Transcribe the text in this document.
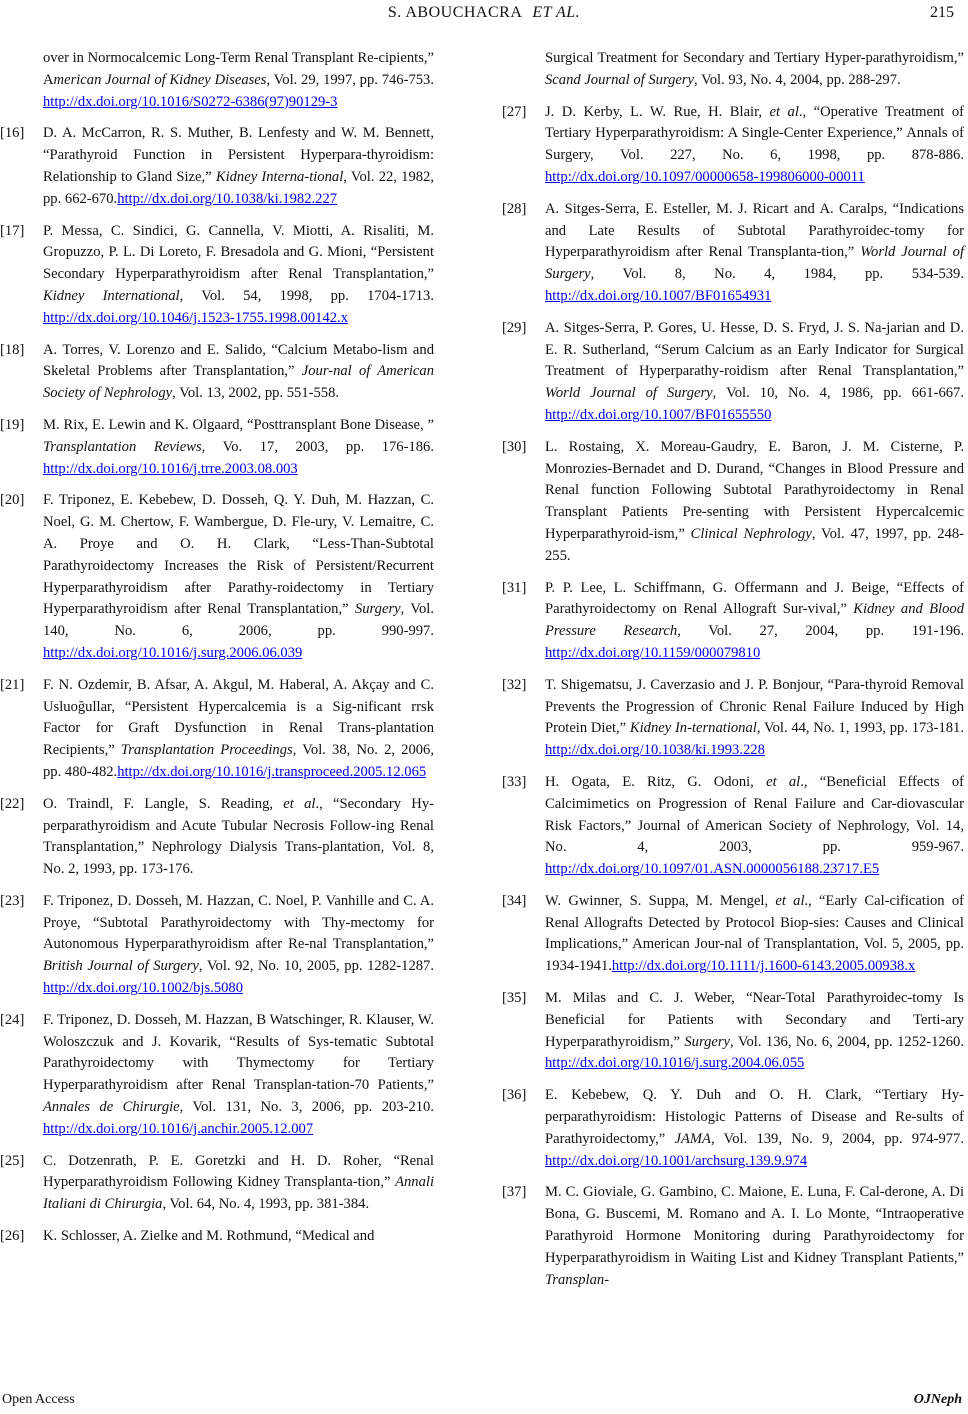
S. ABOUCHACRA ET AL.	215
over in Normocalcemic Long-Term Renal Transplant Re-cipients,” American Journal of Kidney Diseases, Vol. 29, 1997, pp. 746-753.http://dx.doi.org/10.1016/S0272-6386(97)90129-3
[16] D. A. McCarron, R. S. Muther, B. Lenfesty and W. M. Bennett, “Parathyroid Function in Persistent Hyperpara-thyroidism: Relationship to Gland Size,” Kidney Interna-tional, Vol. 22, 1982, pp. 662-670.http://dx.doi.org/10.1038/ki.1982.227
[17] P. Messa, C. Sindici, G. Cannella, V. Miotti, A. Risaliti, M. Gropuzzo, P. L. Di Loreto, F. Bresadola and G. Mioni, “Persistent Secondary Hyperparathyroidism after Renal Transplantation,” Kidney International, Vol. 54, 1998, pp. 1704-1713.http://dx.doi.org/10.1046/j.1523-1755.1998.00142.x
[18] A. Torres, V. Lorenzo and E. Salido, “Calcium Metabo-lism and Skeletal Problems after Transplantation,” Jour-nal of American Society of Nephrology, Vol. 13, 2002, pp. 551-558.
[19] M. Rix, E. Lewin and K. Olgaard, “Posttransplant Bone Disease, ” Transplantation Reviews, Vo. 17, 2003, pp. 176-186. http://dx.doi.org/10.1016/j.trre.2003.08.003
[20] F. Triponez, E. Kebebew, D. Dosseh, Q. Y. Duh, M. Hazzan, C. Noel, G. M. Chertow, F. Wambergue, D. Fle-ury, V. Lemaitre, C. A. Proye and O. H. Clark, “Less-Than-Subtotal Parathyroidectomy Increases the Risk of Persistent/Recurrent Hyperparathyroidism after Parathy-roidectomy in Tertiary Hyperparathyroidism after Renal Transplantation,” Surgery, Vol. 140, No. 6, 2006, pp. 990-997. http://dx.doi.org/10.1016/j.surg.2006.06.039
[21] F. N. Ozdemir, B. Afsar, A. Akgul, M. Haberal, A. Akçay and C. Usluoğullar, “Persistent Hypercalcemia is a Sig-nificant rrsk Factor for Graft Dysfunction in Renal Trans-plantation Recipients,” Transplantation Proceedings, Vol. 38, No. 2, 2006, pp. 480-482.http://dx.doi.org/10.1016/j.transproceed.2005.12.065
[22] O. Traindl, F. Langle, S. Reading, et al., “Secondary Hy-perparathyroidism and Acute Tubular Necrosis Follow-ing Renal Transplantation,” Nephrology Dialysis Trans-plantation, Vol. 8, No. 2, 1993, pp. 173-176.
[23] F. Triponez, D. Dosseh, M. Hazzan, C. Noel, P. Vanhille and C. A. Proye, “Subtotal Parathyroidectomy with Thy-mectomy for Autonomous Hyperparathyroidism after Re-nal Transplantation,” British Journal of Surgery, Vol. 92, No. 10, 2005, pp. 1282-1287.http://dx.doi.org/10.1002/bjs.5080
[24] F. Triponez, D. Dosseh, M. Hazzan, B Watschinger, R. Klauser, W. Woloszczuk and J. Kovarik, “Results of Sys-tematic Subtotal Parathyroidectomy with Thymectomy for Tertiary Hyperparathyroidism after Renal Transplan-tation-70 Patients,” Annales de Chirurgie, Vol. 131, No. 3, 2006, pp. 203-210.http://dx.doi.org/10.1016/j.anchir.2005.12.007
[25] C. Dotzenrath, P. E. Goretzki and H. D. Roher, “Renal Hyperparathyroidism Following Kidney Transplanta-tion,” Annali Italiani di Chirurgia, Vol. 64, No. 4, 1993, pp. 381-384.
[26] K. Schlosser, A. Zielke and M. Rothmund, “Medical and
Surgical Treatment for Secondary and Tertiary Hyper-parathyroidism,” Scand Journal of Surgery, Vol. 93, No. 4, 2004, pp. 288-297.
[27] J. D. Kerby, L. W. Rue, H. Blair, et al., “Operative Treatment of Tertiary Hyperparathyroidism: A Single-Center Experience,” Annals of Surgery, Vol. 227, No. 6, 1998, pp. 878-886.http://dx.doi.org/10.1097/00000658-199806000-00011
[28] A. Sitges-Serra, E. Esteller, M. J. Ricart and A. Caralps, “Indications and Late Results of Subtotal Parathyroidec-tomy for Hyperparathyroidism after Renal Transplanta-tion,” World Journal of Surgery, Vol. 8, No. 4, 1984, pp. 534-539. http://dx.doi.org/10.1007/BF01654931
[29] A. Sitges-Serra, P. Gores, U. Hesse, D. S. Fryd, J. S. Na-jarian and D. E. R. Sutherland, “Serum Calcium as an Early Indicator for Surgical Treatment of Hyperparathy-roidism after Renal Transplantation,” World Journal of Surgery, Vol. 10, No. 4, 1986, pp. 661-667.http://dx.doi.org/10.1007/BF01655550
[30] L. Rostaing, X. Moreau-Gaudry, E. Baron, J. M. Cisterne, P. Monrozies-Bernadet and D. Durand, “Changes in Blood Pressure and Renal function Following Subtotal Parathyroidectomy in Renal Transplant Patients Pre-senting with Persistent Hypercalcemic Hyperparathyroid-ism,” Clinical Nephrology, Vol. 47, 1997, pp. 248-255.
[31] P. P. Lee, L. Schiffmann, G. Offermann and J. Beige, “Effects of Parathyroidectomy on Renal Allograft Sur-vival,” Kidney and Blood Pressure Research, Vol. 27, 2004, pp. 191-196. http://dx.doi.org/10.1159/000079810
[32] T. Shigematsu, J. Caverzasio and J. P. Bonjour, “Para-thyroid Removal Prevents the Progression of Chronic Renal Failure Induced by High Protein Diet,” Kidney In-ternational, Vol. 44, No. 1, 1993, pp. 173-181.http://dx.doi.org/10.1038/ki.1993.228
[33] H. Ogata, E. Ritz, G. Odoni, et al., “Beneficial Effects of Calcimimetics on Progression of Renal Failure and Car-diovascular Risk Factors,” Journal of American Society of Nephrology, Vol. 14, No. 4, 2003, pp. 959-967.http://dx.doi.org/10.1097/01.ASN.0000056188.23717.E5
[34] W. Gwinner, S. Suppa, M. Mengel, et al., “Early Cal-cification of Renal Allografts Detected by Protocol Biop-sies: Causes and Clinical Implications,” American Jour-nal of Transplantation, Vol. 5, 2005, pp. 1934-1941.http://dx.doi.org/10.1111/j.1600-6143.2005.00938.x
[35] M. Milas and C. J. Weber, “Near-Total Parathyroidec-tomy Is Beneficial for Patients with Secondary and Terti-ary Hyperparathyroidism,” Surgery, Vol. 136, No. 6, 2004, pp. 1252-1260.http://dx.doi.org/10.1016/j.surg.2004.06.055
[36] E. Kebebew, Q. Y. Duh and O. H. Clark, “Tertiary Hy-perparathyroidism: Histologic Patterns of Disease and Re-sults of Parathyroidectomy,” JAMA, Vol. 139, No. 9, 2004, pp. 974-977. http://dx.doi.org/10.1001/archsurg.139.9.974
[37] M. C. Gioviale, G. Gambino, C. Maione, E. Luna, F. Cal-derone, A. Di Bona, G. Buscemi, M. Romano and A. I. Lo Monte, “Intraoperative Parathyroid Hormone Monitoring during Parathyroidectomy for Hyperparathyroidism in Waiting List and Kidney Transplant Patients,” Transplan-
Open Access	OJNeph
